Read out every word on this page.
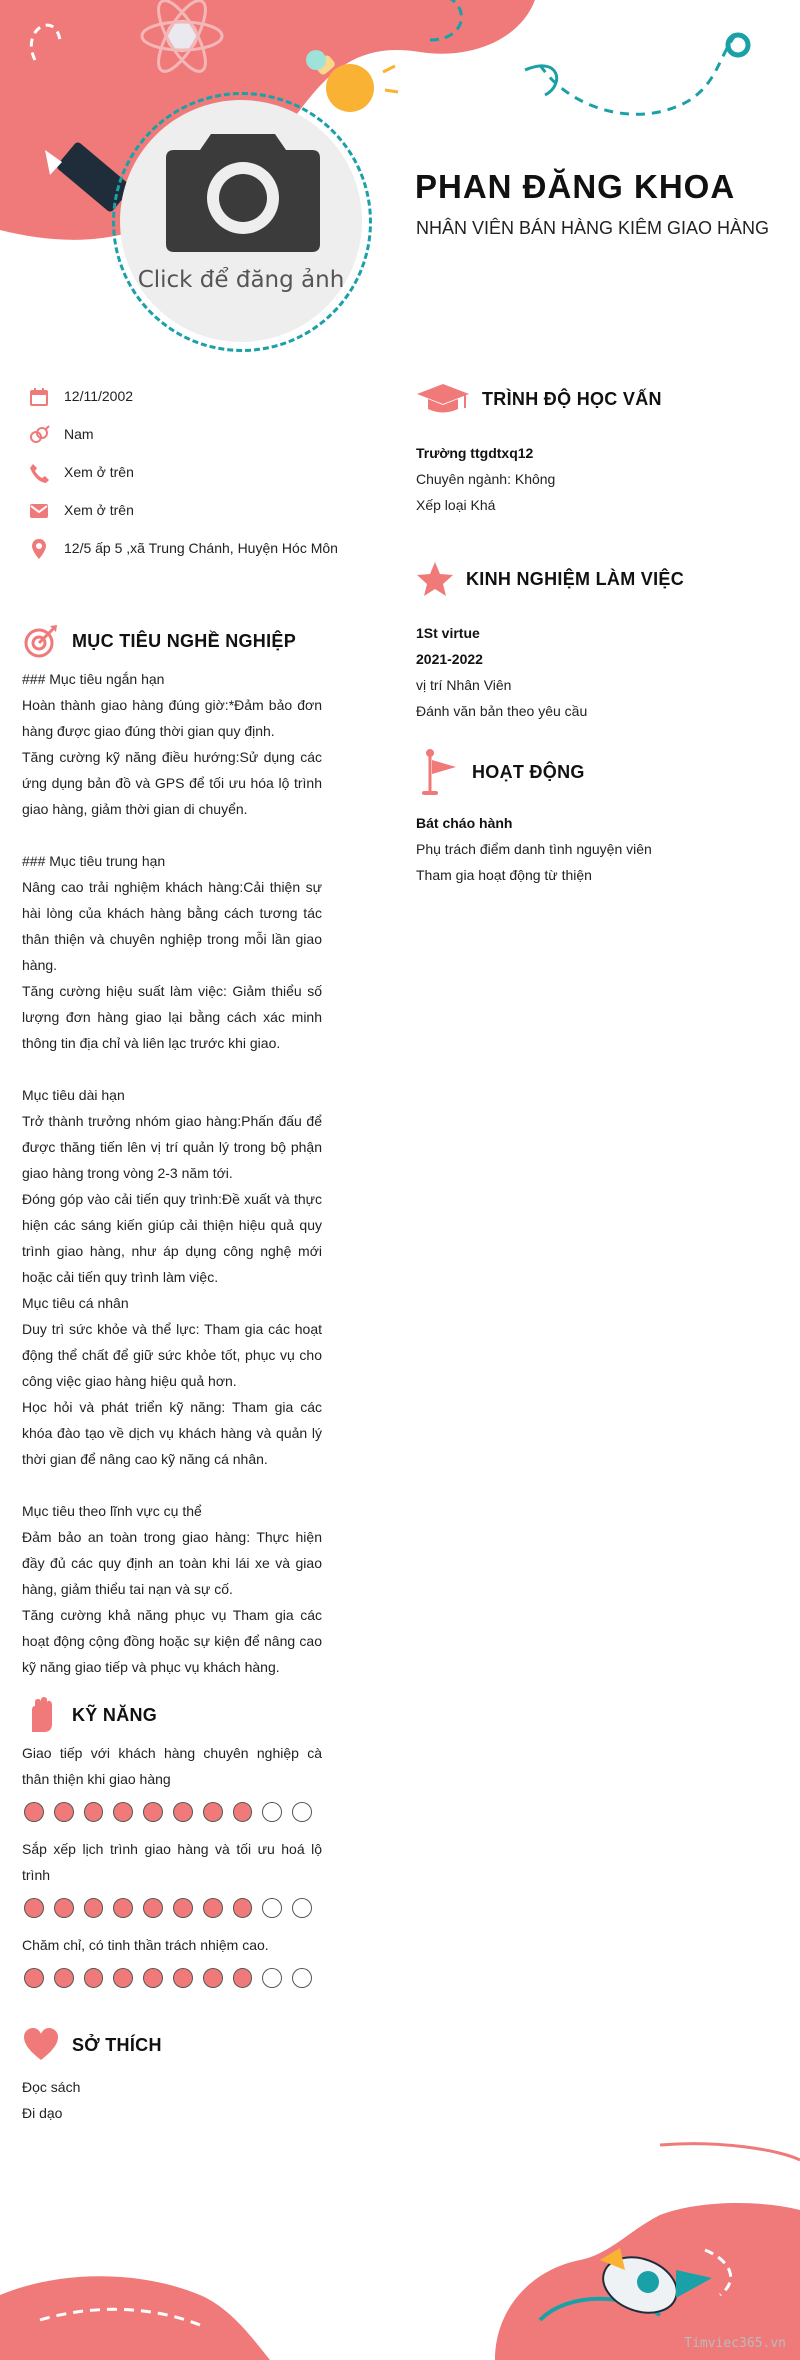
Click để đăng ảnh
PHAN ĐĂNG KHOA
NHÂN VIÊN BÁN HÀNG KIÊM GIAO HÀNG
12/11/2002
Nam
Xem ở trên
Xem ở trên
12/5 ấp 5 ,xã Trung Chánh, Huyện Hóc Môn
MỤC TIÊU NGHỀ NGHIỆP
### Mục tiêu ngắn hạn
Hoàn thành giao hàng đúng giờ:*Đảm bảo đơn hàng được giao đúng thời gian quy định.
Tăng cường kỹ năng điều hướng:Sử dụng các ứng dụng bản đồ và GPS để tối ưu hóa lộ trình giao hàng, giảm thời gian di chuyển.

### Mục tiêu trung hạn
Nâng cao trải nghiệm khách hàng:Cải thiện sự hài lòng của khách hàng bằng cách tương tác thân thiện và chuyên nghiệp trong mỗi lần giao hàng.
Tăng cường hiệu suất làm việc: Giảm thiểu số lượng đơn hàng giao lại bằng cách xác minh thông tin địa chỉ và liên lạc trước khi giao.

Mục tiêu dài hạn
Trở thành trưởng nhóm giao hàng:Phấn đấu để được thăng tiến lên vị trí quản lý trong bộ phận giao hàng trong vòng 2-3 năm tới.
Đóng góp vào cải tiến quy trình:Đề xuất và thực hiện các sáng kiến giúp cải thiện hiệu quả quy trình giao hàng, như áp dụng công nghệ mới hoặc cải tiến quy trình làm việc.
Mục tiêu cá nhân
Duy trì sức khỏe và thể lực: Tham gia các hoạt động thể chất để giữ sức khỏe tốt, phục vụ cho công việc giao hàng hiệu quả hơn.
Học hỏi và phát triển kỹ năng: Tham gia các khóa đào tạo về dịch vụ khách hàng và quản lý thời gian để nâng cao kỹ năng cá nhân.

Mục tiêu theo lĩnh vực cụ thể
Đảm bảo an toàn trong giao hàng: Thực hiện đầy đủ các quy định an toàn khi lái xe và giao hàng, giảm thiểu tai nạn và sự cố.
Tăng cường khả năng phục vụ Tham gia các hoạt động cộng đồng hoặc sự kiện để nâng cao kỹ năng giao tiếp và phục vụ khách hàng.
KỸ NĂNG
Giao tiếp với khách hàng chuyên nghiệp cà thân thiện khi giao hàng
Sắp xếp lịch trình giao hàng và tối ưu hoá lộ trình
Chăm chỉ, có tinh thần trách nhiệm cao.
SỞ THÍCH
Đọc sách
Đi dạo
TRÌNH ĐỘ HỌC VẤN
Trường ttgdtxq12
Chuyên ngành: Không
Xếp loại Khá
KINH NGHIỆM LÀM VIỆC
1St virtue
2021-2022
vị trí Nhân Viên
Đánh văn bản theo yêu cầu
HOẠT ĐỘNG
Bát cháo hành
Phụ trách điểm danh tình nguyện viên
Tham gia hoạt động từ thiện
Timviec365.vn
